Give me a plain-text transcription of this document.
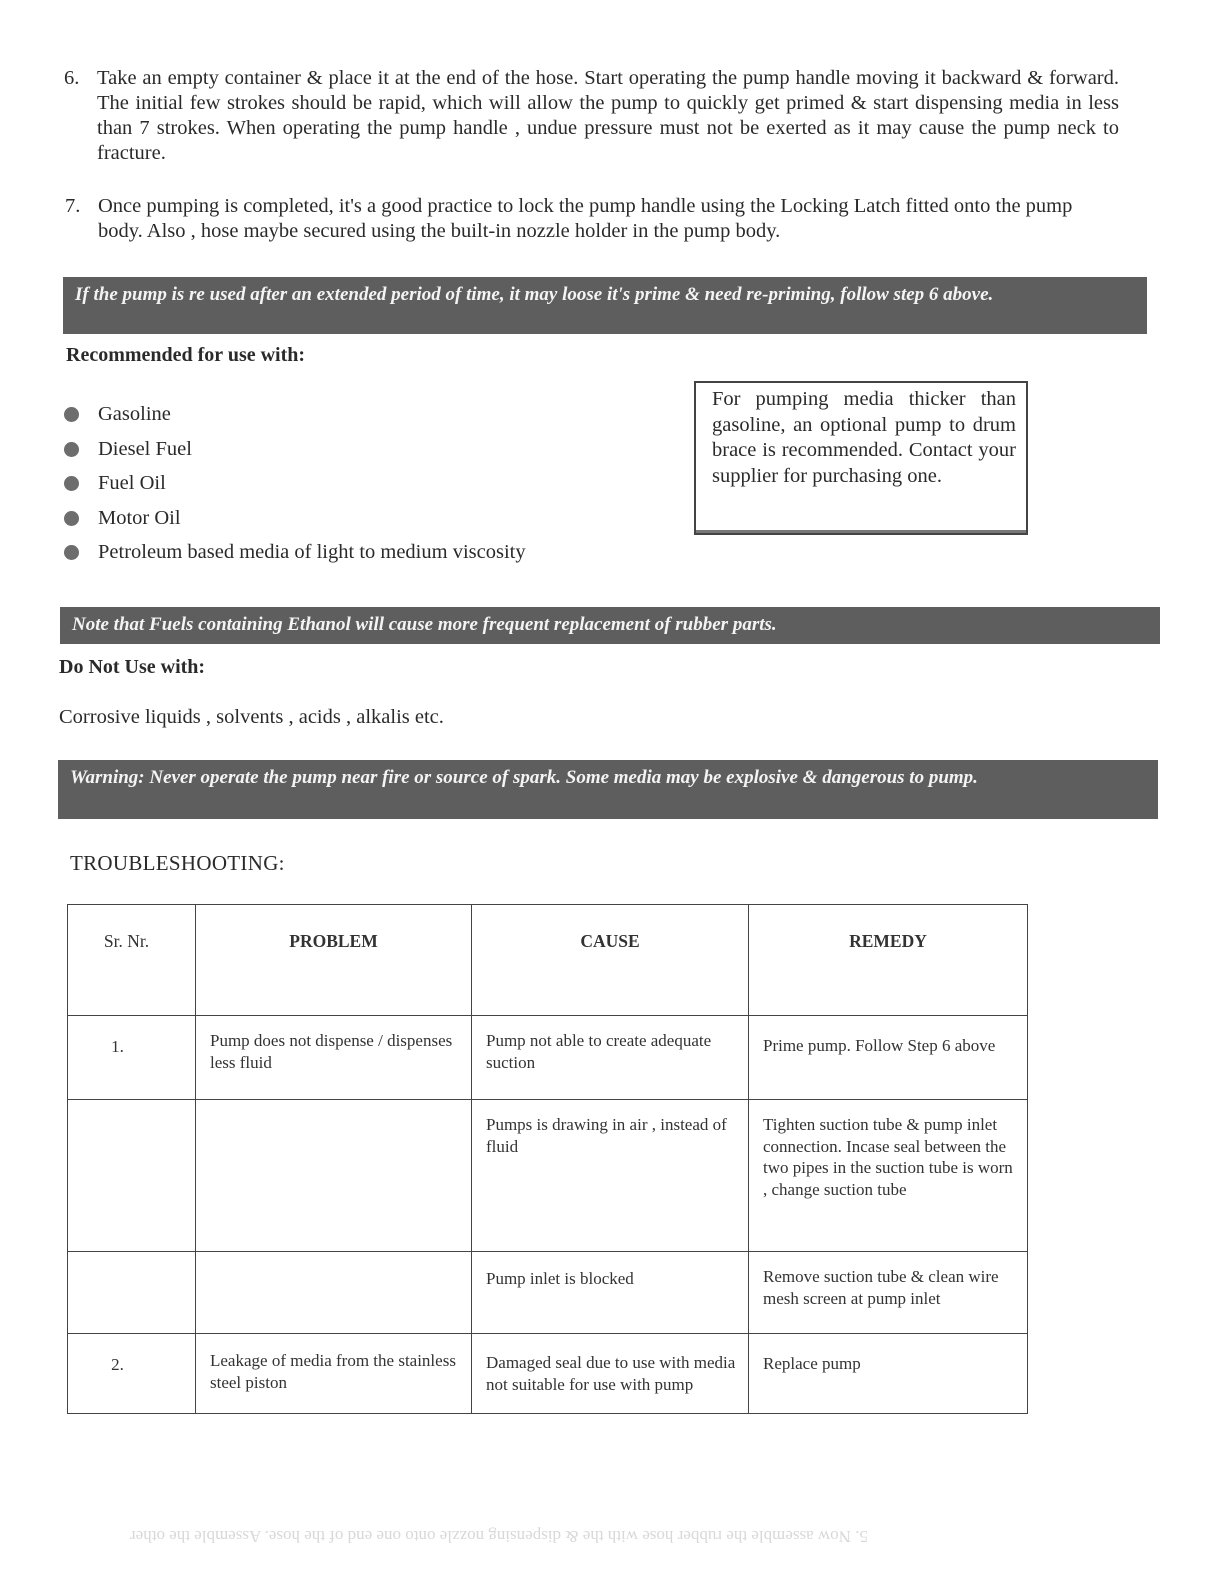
6. Take an empty container & place it at the end of the hose. Start operating the pump handle moving it backward & forward. The initial few strokes should be rapid, which will allow the pump to quickly get primed & start dispensing media in less than 7 strokes. When operating the pump handle , undue pressure must not be exerted as it may cause the pump neck to fracture.
7. Once pumping is completed, it's a good practice to lock the pump handle using the Locking Latch fitted onto the pump body. Also , hose maybe secured using the built-in nozzle holder in the pump body.
If the pump is re used after an extended period of time, it may loose it's prime & need re-priming, follow step 6 above.
Recommended for use with:
Gasoline
Diesel Fuel
Fuel Oil
Motor Oil
Petroleum based media of light to medium viscosity
For pumping media thicker than gasoline, an optional pump to drum brace is recommended. Contact your supplier for purchasing one.
Note that Fuels containing Ethanol will cause more frequent replacement of rubber parts.
Do Not Use with:
Corrosive liquids , solvents , acids , alkalis etc.
Warning: Never operate the pump near fire or source of spark. Some media may be explosive & dangerous to pump.
TROUBLESHOOTING:
Sr. Nr.	PROBLEM	CAUSE	REMEDY
1.	Pump does not dispense / dispenses less fluid	Pump not able to create adequate suction	Prime pump. Follow Step 6 above
		Pumps is drawing in air , instead of fluid	Tighten suction tube & pump inlet connection. Incase seal between the two pipes in the suction tube is worn , change suction tube
		Pump inlet is blocked	Remove suction tube & clean wire mesh screen at pump inlet
2.	Leakage of media from the stainless steel piston	Damaged seal due to use with media not suitable for use with pump	Replace pump
5. Now assemble the rubber hose with the & dispensing nozzle onto one end of the hose. Assemble the other
